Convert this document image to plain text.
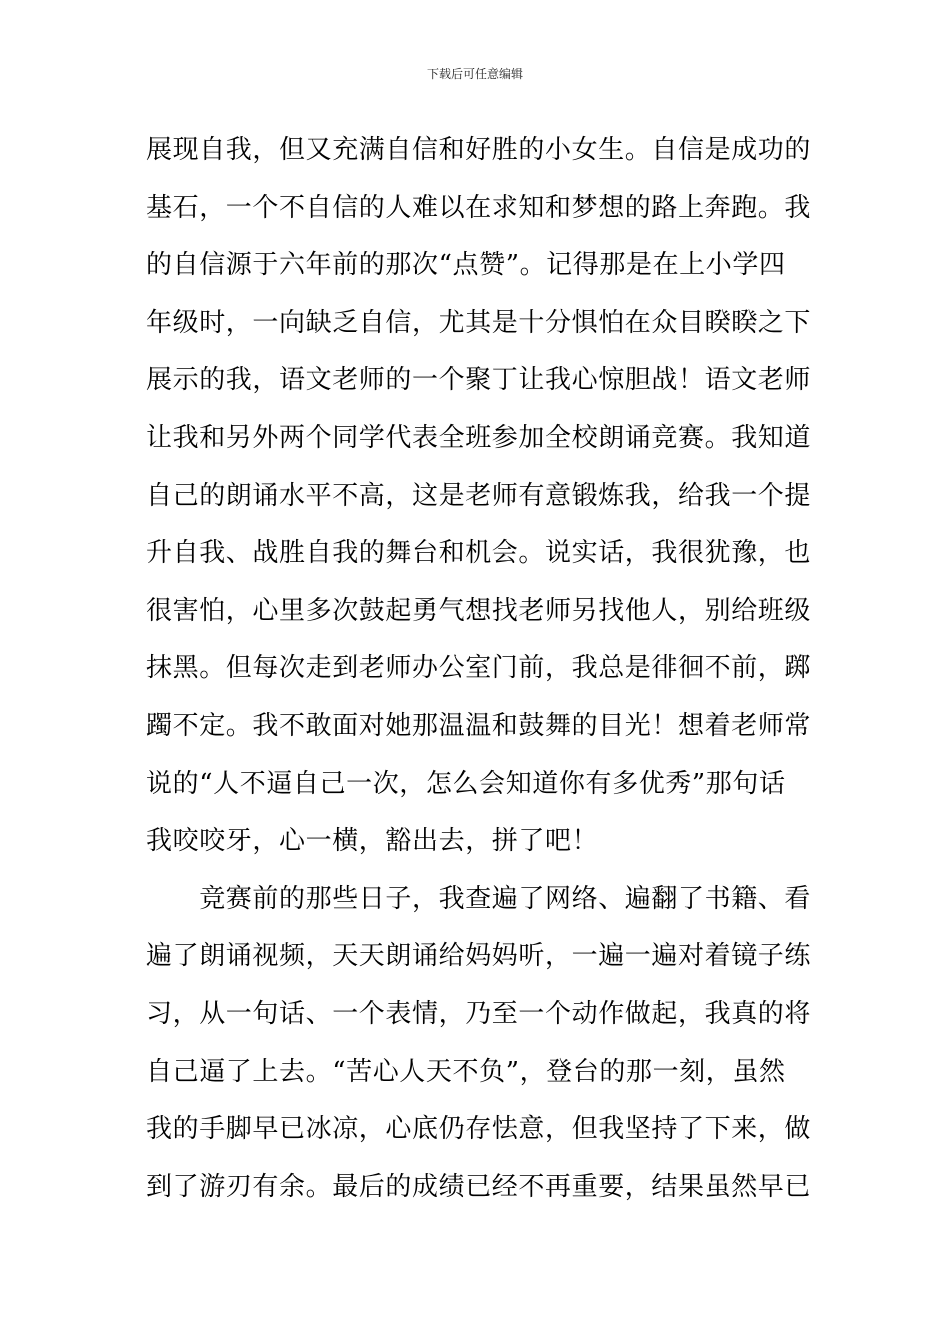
下载后可任意编辑
展现自我，但又充满自信和好胜的小女生。自信是成功的
基石，一个不自信的人难以在求知和梦想的路上奔跑。我
的自信源于六年前的那次“点赞”。记得那是在上小学四
年级时，一向缺乏自信，尤其是十分惧怕在众目睽睽之下
展示的我，语文老师的一个聚丁让我心惊胆战！语文老师
让我和另外两个同学代表全班参加全校朗诵竞赛。我知道
自己的朗诵水平不高，这是老师有意锻炼我，给我一个提
升自我、战胜自我的舞台和机会。说实话，我很犹豫，也
很害怕，心里多次鼓起勇气想找老师另找他人，别给班级
抹黑。但每次走到老师办公室门前，我总是徘徊不前，踯
躅不定。我不敢面对她那温温和鼓舞的目光！想着老师常
说的“人不逼自己一次，怎么会知道你有多优秀”那句话
我咬咬牙，心一横，豁出去，拼了吧！
　　竞赛前的那些日子，我查遍了网络、遍翻了书籍、看
遍了朗诵视频，天天朗诵给妈妈听，一遍一遍对着镜子练
习，从一句话、一个表情，乃至一个动作做起，我真的将
自己逼了上去。“苦心人天不负”，登台的那一刻，虽然
我的手脚早已冰凉，心底仍存怯意，但我坚持了下来，做
到了游刃有余。最后的成绩已经不再重要，结果虽然早已
